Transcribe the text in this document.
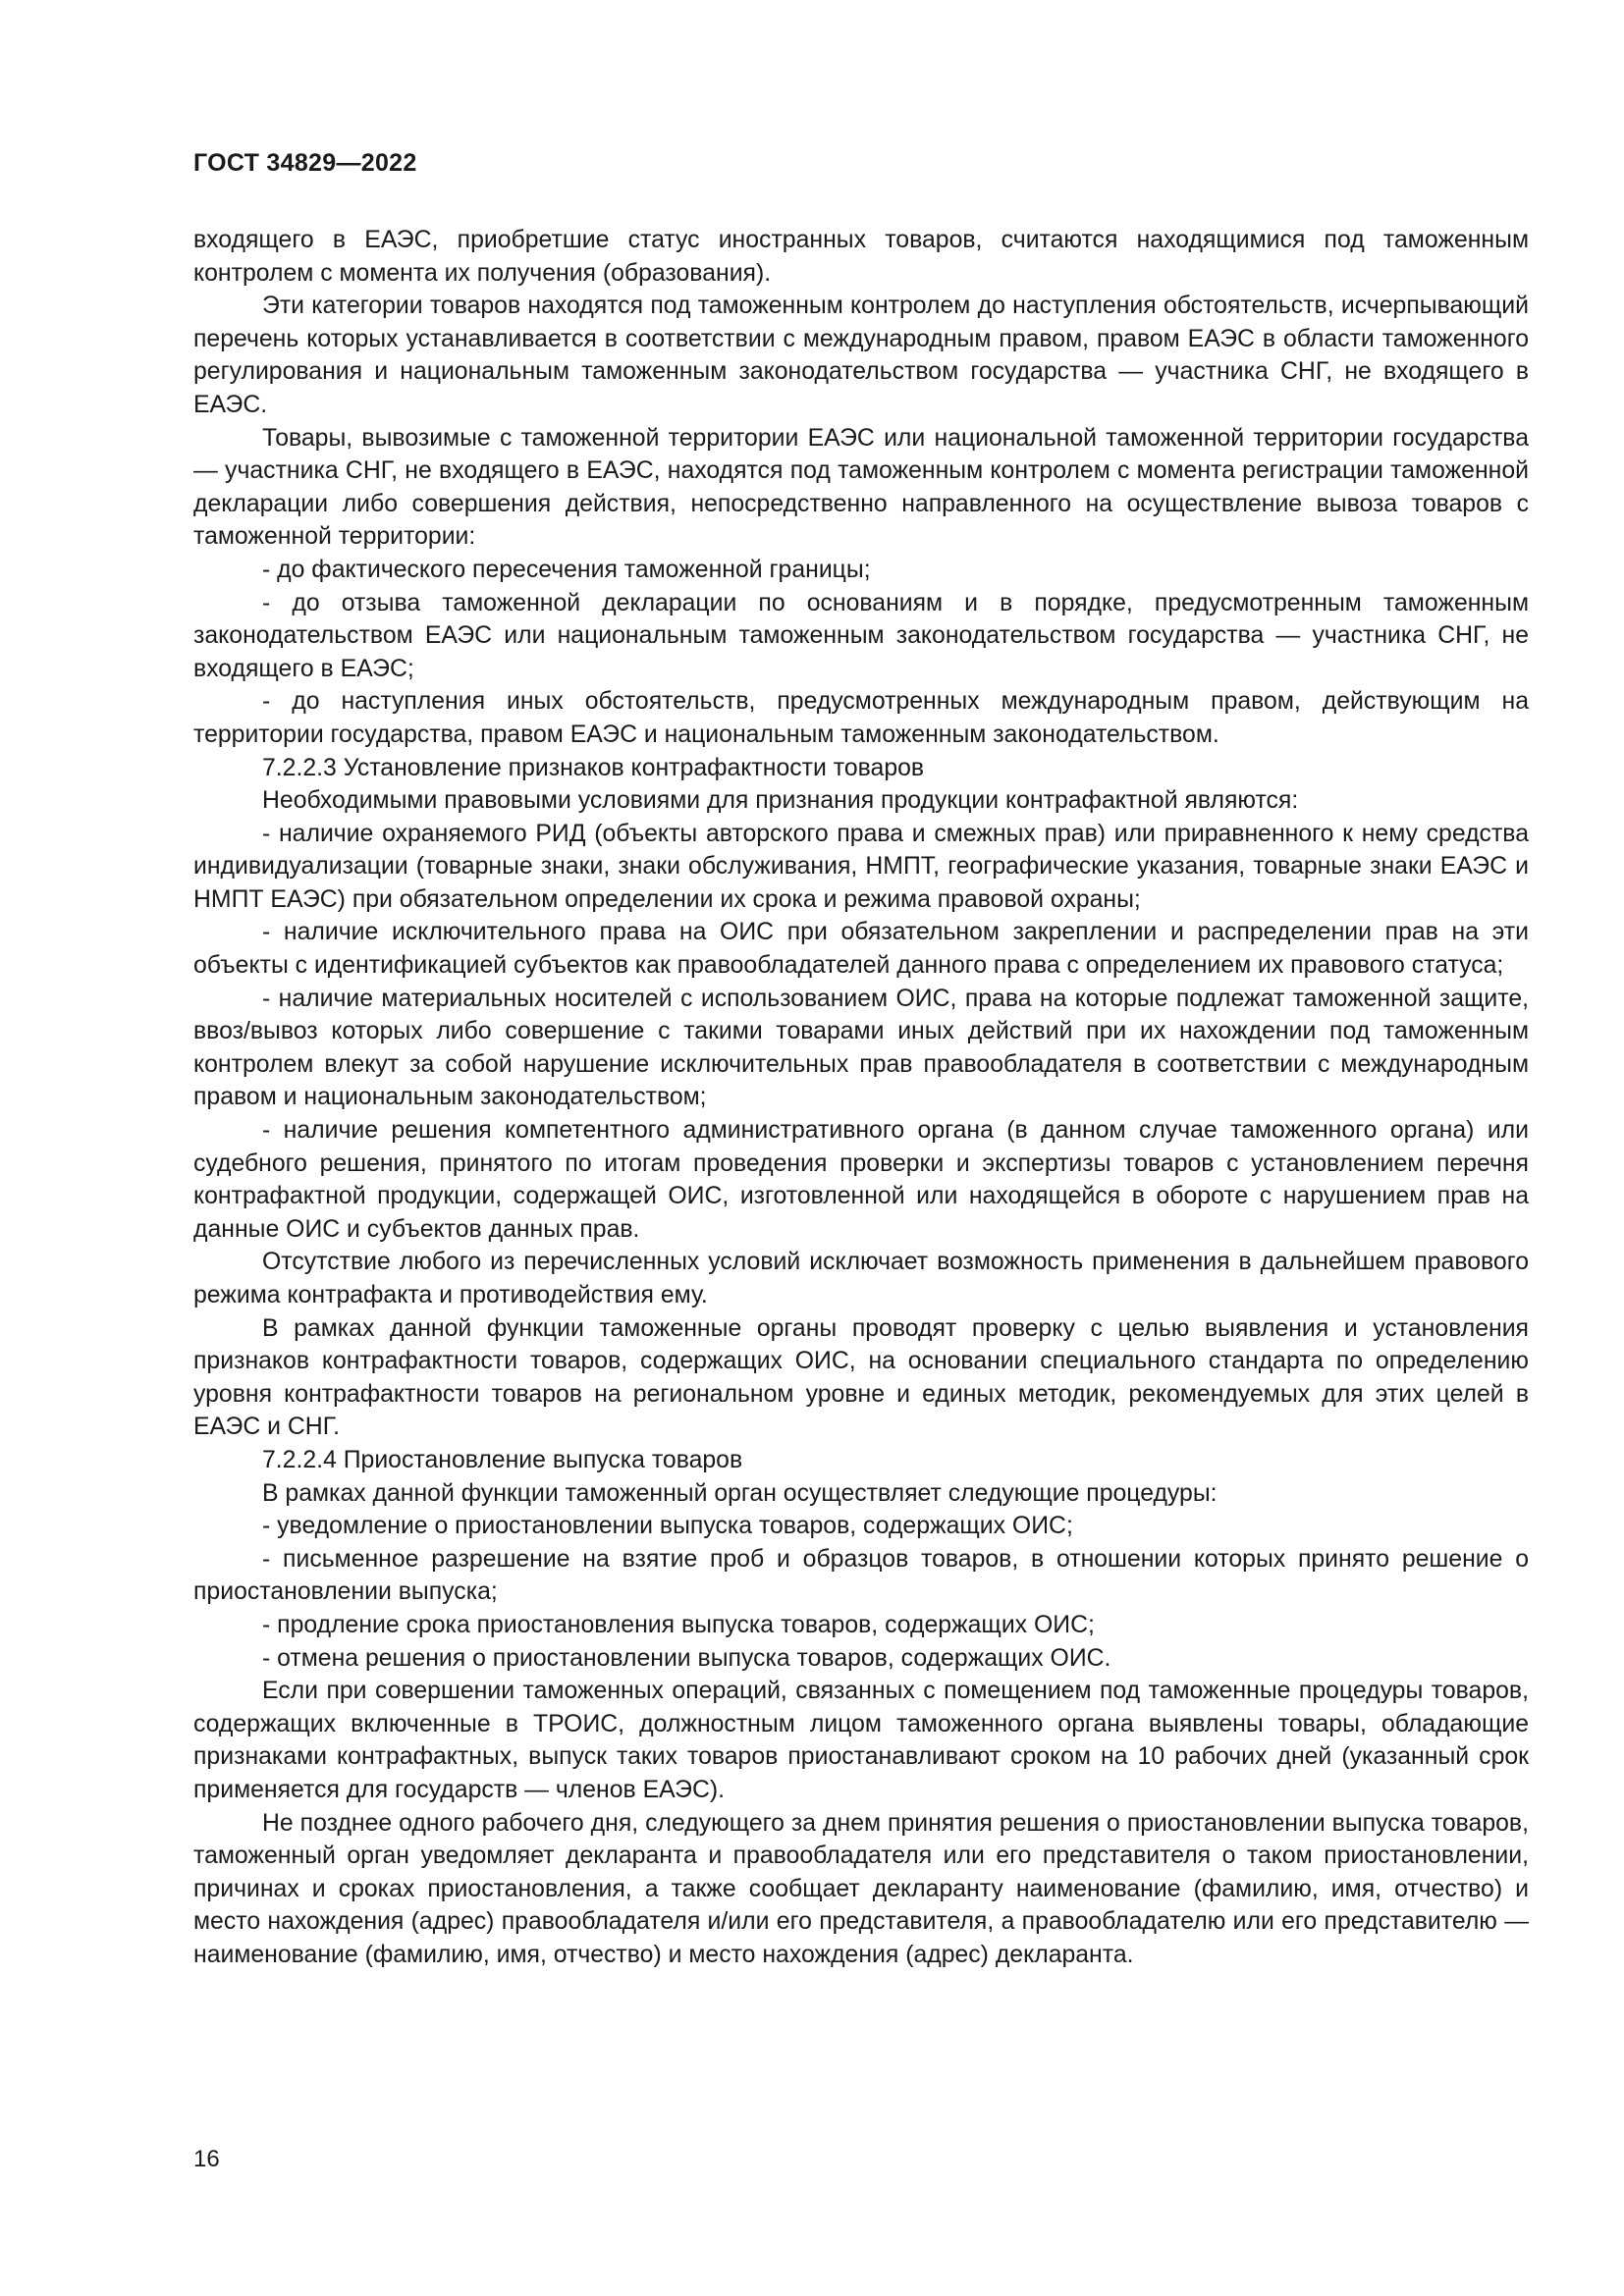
ГОСТ 34829—2022

входящего в ЕАЭС, приобретшие статус иностранных товаров, считаются находящимися под таможенным контролем с момента их получения (образования).

Эти категории товаров находятся под таможенным контролем до наступления обстоятельств, исчерпывающий перечень которых устанавливается в соответствии с международным правом, правом ЕАЭС в области таможенного регулирования и национальным таможенным законодательством государства — участника СНГ, не входящего в ЕАЭС.

Товары, вывозимые с таможенной территории ЕАЭС или национальной таможенной территории государства — участника СНГ, не входящего в ЕАЭС, находятся под таможенным контролем с момента регистрации таможенной декларации либо совершения действия, непосредственно направленного на осуществление вывоза товаров с таможенной территории:

- до фактического пересечения таможенной границы;

- до отзыва таможенной декларации по основаниям и в порядке, предусмотренным таможенным законодательством ЕАЭС или национальным таможенным законодательством государства — участника СНГ, не входящего в ЕАЭС;

- до наступления иных обстоятельств, предусмотренных международным правом, действующим на территории государства, правом ЕАЭС и национальным таможенным законодательством.

7.2.2.3 Установление признаков контрафактности товаров

Необходимыми правовыми условиями для признания продукции контрафактной являются:

- наличие охраняемого РИД (объекты авторского права и смежных прав) или приравненного к нему средства индивидуализации (товарные знаки, знаки обслуживания, НМПТ, географические указания, товарные знаки ЕАЭС и НМПТ ЕАЭС) при обязательном определении их срока и режима правовой охраны;

- наличие исключительного права на ОИС при обязательном закреплении и распределении прав на эти объекты с идентификацией субъектов как правообладателей данного права с определением их правового статуса;

- наличие материальных носителей с использованием ОИС, права на которые подлежат таможенной защите, ввоз/вывоз которых либо совершение с такими товарами иных действий при их нахождении под таможенным контролем влекут за собой нарушение исключительных прав правообладателя в соответствии с международным правом и национальным законодательством;

- наличие решения компетентного административного органа (в данном случае таможенного органа) или судебного решения, принятого по итогам проведения проверки и экспертизы товаров с установлением перечня контрафактной продукции, содержащей ОИС, изготовленной или находящейся в обороте с нарушением прав на данные ОИС и субъектов данных прав.

Отсутствие любого из перечисленных условий исключает возможность применения в дальнейшем правового режима контрафакта и противодействия ему.

В рамках данной функции таможенные органы проводят проверку с целью выявления и установления признаков контрафактности товаров, содержащих ОИС, на основании специального стандарта по определению уровня контрафактности товаров на региональном уровне и единых методик, рекомендуемых для этих целей в ЕАЭС и СНГ.

7.2.2.4 Приостановление выпуска товаров

В рамках данной функции таможенный орган осуществляет следующие процедуры:

- уведомление о приостановлении выпуска товаров, содержащих ОИС;

- письменное разрешение на взятие проб и образцов товаров, в отношении которых принято решение о приостановлении выпуска;

- продление срока приостановления выпуска товаров, содержащих ОИС;

- отмена решения о приостановлении выпуска товаров, содержащих ОИС.

Если при совершении таможенных операций, связанных с помещением под таможенные процедуры товаров, содержащих включенные в ТРОИС, должностным лицом таможенного органа выявлены товары, обладающие признаками контрафактных, выпуск таких товаров приостанавливают сроком на 10 рабочих дней (указанный срок применяется для государств — членов ЕАЭС).

Не позднее одного рабочего дня, следующего за днем принятия решения о приостановлении выпуска товаров, таможенный орган уведомляет декларанта и правообладателя или его представителя о таком приостановлении, причинах и сроках приостановления, а также сообщает декларанту наименование (фамилию, имя, отчество) и место нахождения (адрес) правообладателя и/или его представителя, а правообладателю или его представителю — наименование (фамилию, имя, отчество) и место нахождения (адрес) декларанта.

16
